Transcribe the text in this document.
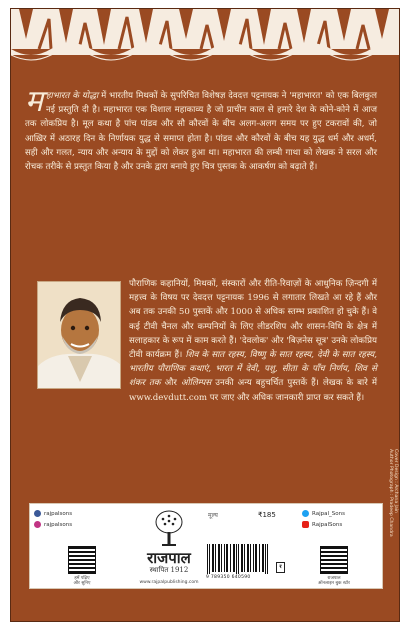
महाभारत के योद्धा में भारतीय मिथकों के सुपरिचित विशेषज्ञ देवदत्त पट्टनायक ने 'महाभारत' को एक बिलकुल नई प्रस्तुति दी है। महाभारत एक विशाल महाकाव्य है जो प्राचीन काल से हमारे देश के कोने-कोने में आज तक लोकप्रिय है। मूल कथा है पांच पांडव और सौ कौरवों के बीच अलग-अलग समय पर हुए टकरावों की, जो आख़िर में अठारह दिन के निर्णायक युद्ध से समाप्त होता है। पांडव और कौरवों के बीच यह युद्ध धर्म और अधर्म, सही और गलत, न्याय और अन्याय के मुद्दों को लेकर हुआ था। महाभारत की लम्बी गाथा को लेखक ने सरल और रोचक तरीके से प्रस्तुत किया है और उनके द्वारा बनाये हुए चित्र पुस्तक के आकर्षण को बढ़ाते हैं।
पौराणिक कहानियों, मिथकों, संस्कारों और रीति-रिवाज़ों के आधुनिक ज़िन्दगी में महत्त्व के विषय पर देवदत्त पट्टनायक 1996 से लगातार लिखते आ रहे हैं और अब तक उनकी 50 पुस्तकें और 1000 से अधिक स्तम्भ प्रकाशित हो चुके हैं। वे कई टीवी चैनल और कम्पनियों के लिए लीडरशिप और शासन-विधि के क्षेत्र में सलाहकार के रूप में काम करते हैं। 'देवलोक' और 'बिज़नेस सूत्र' उनके लोकप्रिय टीवी कार्यक्रम हैं। शिव के सात रहस्य, विष्णु के सात रहस्य, देवी के सात रहस्य, भारतीय पौराणिक कथाएं, भारत में देवी, पशु, सीता के पाँच निर्णय, शिव से शंकर तक और ओलिम्पस उनकी अन्य बहुचर्चित पुस्तकें हैं। लेखक के बारे में www.devdutt.com पर जाए और अधिक जानकारी प्राप्त कर सकते हैं।
Cover Design : Archana Jain
Author Photograph : Pradeep Chandra
rajpalsons
rajpalsons
हमें पढ़िए
और सुनिए
राजपाल
स्थापित 1912
www.rajpalpublishing.com
मूल्य	₹185
9 789350 640590
र
Rajpal_Sons
RajpalSons
राजपाल
ऑनलाइन बुक स्टोर
